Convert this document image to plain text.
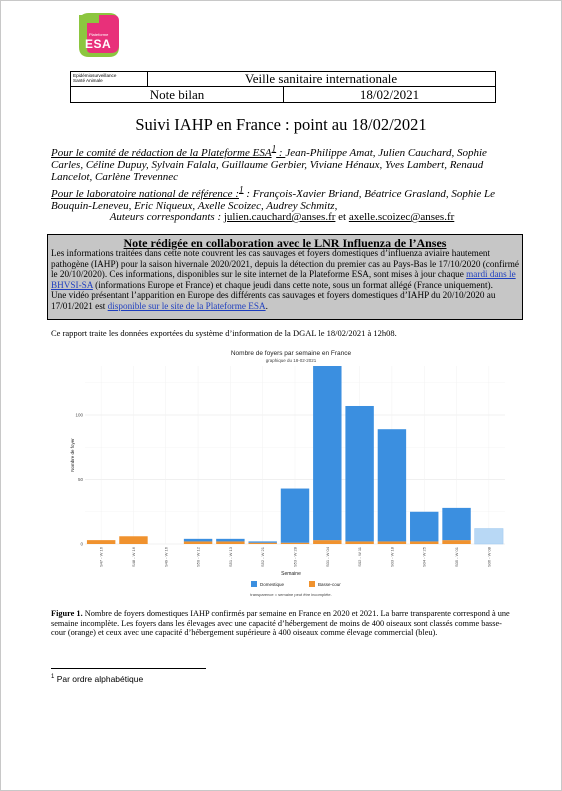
Plateforme
ESA
Epidémiosurveillance
Santé Animale	Veille sanitaire internationale
Note bilan	18/02/2021
Suivi IAHP en France : point au 18/02/2021
Pour le comité de rédaction de la Plateforme ESA$^1$ : Jean-Philippe Amat, Julien Cauchard, Sophie Carles, Céline Dupuy, Sylvain Falala, Guillaume Gerbier, Viviane Hénaux, Yves Lambert, Renaud Lancelot, Carlène Trevennec
Pour le laboratoire national de référence :$^1$ : François-Xavier Briand, Béatrice Grasland, Sophie Le Bouquin-Leneveu, Eric Niqueux, Axelle Scoizec, Audrey Schmitz,
Auteurs correspondants : julien.cauchard@anses.fr et axelle.scoizec@anses.fr
Note rédigée en collaboration avec le LNR Influenza de l’Anses
Les informations traitées dans cette note couvrent les cas sauvages et foyers domestiques d’influenza aviaire hautement pathogène (IAHP) pour la saison hivernale 2020/2021, depuis la détection du premier cas au Pays-Bas le 17/10/2020 (confirmé le 20/10/2020). Ces informations, disponibles sur le site internet de la Plateforme ESA, sont mises à jour chaque mardi dans le BHVSI-SA (informations Europe et France) et chaque jeudi dans cette note, sous un format allégé (France uniquement).
Une vidéo présentant l’apparition en Europe des différents cas sauvages et foyers domestiques d’IAHP du 20/10/2020 au 17/01/2021 est disponible sur le site de la Plateforme ESA.
Ce rapport traite les données exportées du système d’information de la DGAL le 18/02/2021 à 12h08.
0
50
100
S47 - W 16	S48 - W 16	S49 - W 16	S50 - W 12	S51 - W 13	S52 - W 21	S53 - W 28	S01 - W 04	S02 - W 11	S03 - W 18	S04 - W 25	S05 - W 01	S06 - W 08
Nombre de foyers par semaine en France
graphique du 18-02-2021
Semaine
Nombre de foyer
Domestique	Basse-cour
transparence = semaine peut être incomplète.
Figure 1. Nombre de foyers domestiques IAHP confirmés par semaine en France en 2020 et 2021. La barre transparente correspond à une semaine incomplète. Les foyers dans les élevages avec une capacité d’hébergement de moins de 400 oiseaux sont classés comme basse-cour (orange) et ceux avec une capacité d’hébergement supérieure à 400 oiseaux comme élevage commercial (bleu).
$^1$ Par ordre alphabétique
